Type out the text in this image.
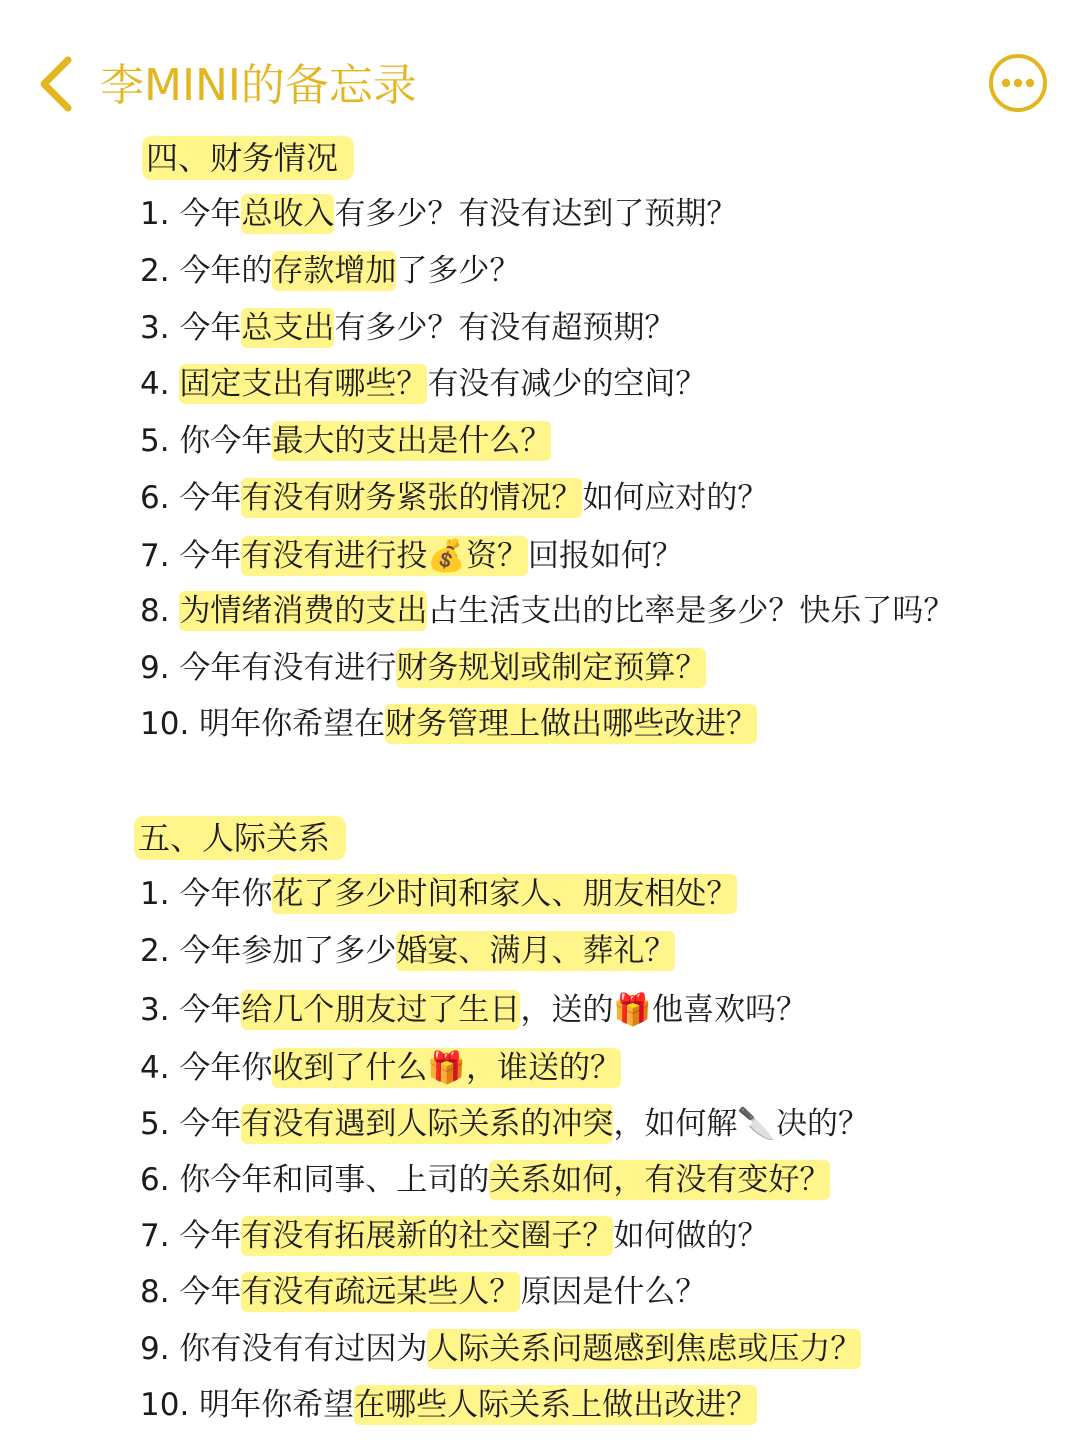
李MINI的备忘录
四、财务情况
1. 今年总收入有多少？有没有达到了预期？
2. 今年的存款增加了多少？
3. 今年总支出有多少？有没有超预期？
4. 固定支出有哪些？有没有减少的空间？
5. 你今年最大的支出是什么？
6. 今年有没有财务紧张的情况？如何应对的？
7. 今年有没有进行投💰资？回报如何？
8. 为情绪消费的支出占生活支出的比率是多少？快乐了吗？
9. 今年有没有进行财务规划或制定预算？
10. 明年你希望在财务管理上做出哪些改进？
五、人际关系
1. 今年你花了多少时间和家人、朋友相处？
2. 今年参加了多少婚宴、满月、葬礼？
3. 今年给几个朋友过了生日，送的🎁他喜欢吗？
4. 今年你收到了什么🎁，谁送的？
5. 今年有没有遇到人际关系的冲突，如何解🔪决的？
6. 你今年和同事、上司的关系如何，有没有变好？
7. 今年有没有拓展新的社交圈子？如何做的？
8. 今年有没有疏远某些人？原因是什么？
9. 你有没有有过因为人际关系问题感到焦虑或压力？
10. 明年你希望在哪些人际关系上做出改进？
